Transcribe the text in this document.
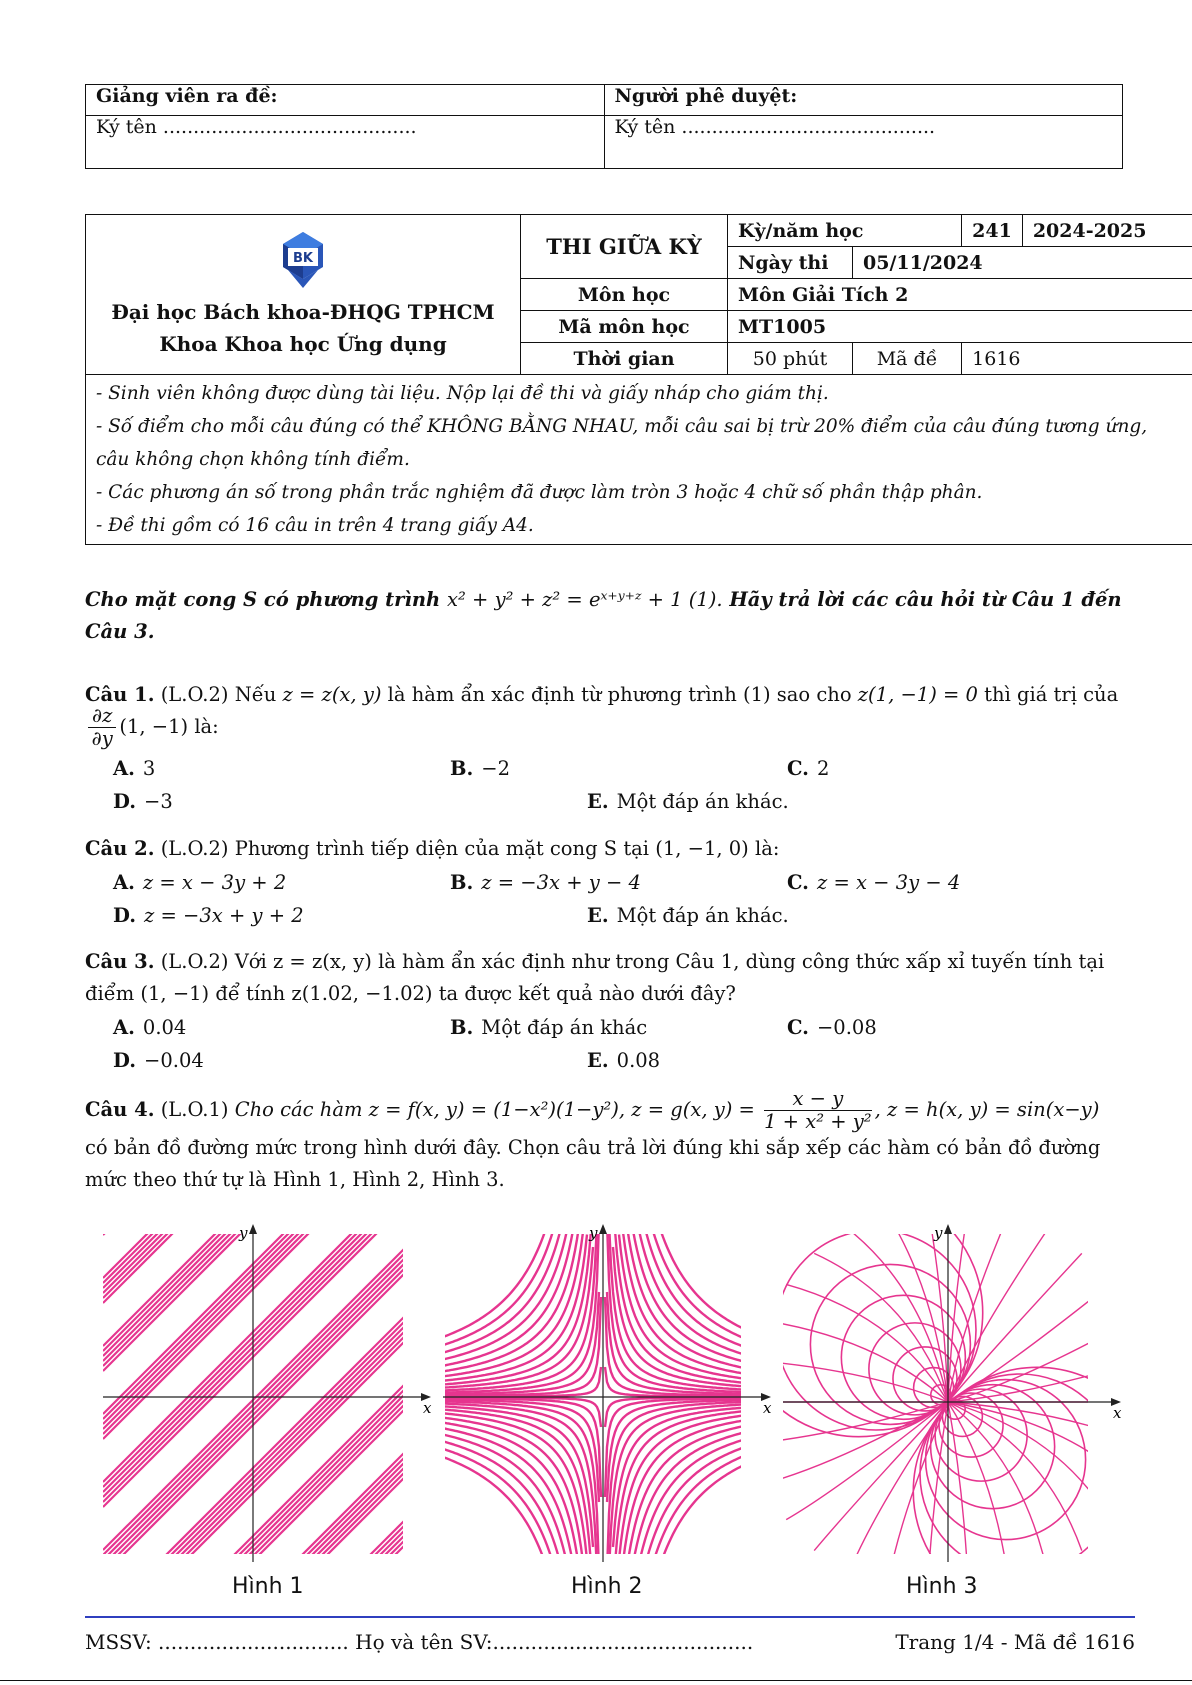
Giảng viên ra đề:	Người phê duyệt:
Ký tên ..........................................	Ký tên ..........................................
BK
Đại học Bách khoa-ĐHQG TPHCM
Khoa Khoa học Ứng dụng	THI GIỮA KỲ	Kỳ/năm học		241	2024-2025
		Ngày thi	05/11/2024		
	Môn học	Môn Giải Tích 2			
	Mã môn học	MT1005			
	Thời gian	50 phút	Mã đề	1616	

- Sinh viên không được dùng tài liệu. Nộp lại đề thi và giấy nháp cho giám thị.
- Số điểm cho mỗi câu đúng có thể KHÔNG BẰNG NHAU, mỗi câu sai bị trừ 20% điểm của câu đúng tương ứng, câu không chọn không tính điểm.
- Các phương án số trong phần trắc nghiệm đã được làm tròn 3 hoặc 4 chữ số phần thập phân.
- Đề thi gồm có 16 câu in trên 4 trang giấy A4.					
Cho mặt cong S có phương trình x² + y² + z² = eˣ⁺ʸ⁺ᶻ + 1 (1). Hãy trả lời các câu hỏi từ Câu 1 đến Câu 3.
Câu 1. (L.O.2) Nếu z = z(x, y) là hàm ẩn xác định từ phương trình (1) sao cho z(1, −1) = 0 thì giá trị của
$\frac{\partial z}{\partial y} (1$, −1) là:
A. 3	B. −2	C. 2
D. −3	E. Một đáp án khác.
Câu 2. (L.O.2) Phương trình tiếp diện của mặt cong S tại (1, −1, 0) là:
A. z = x − 3y + 2	B. z = −3x + y − 4	C. z = x − 3y − 4
D. z = −3x + y + 2	E. Một đáp án khác.
Câu 3. (L.O.2) Với z = z(x, y) là hàm ẩn xác định như trong Câu 1, dùng công thức xấp xỉ tuyến tính tại điểm (1, −1) để tính z(1.02, −1.02) ta được kết quả nào dưới đây?
A. 0.04	B. Một đáp án khác	C. −0.08
D. −0.04	E. 0.08
Câu 4. (L.O.1) Cho các hàm z = f(x, y) = (1−x²)(1−y²), z = g(x, $y) = \frac{x - y}{\text{1 + x² + y²}}$ , z = h(x, y) = sin(x−y)
có bản đồ đường mức trong hình dưới đây. Chọn câu trả lời đúng khi sắp xếp các hàm có bản đồ đường mức theo thứ tự là Hình 1, Hình 2, Hình 3.
x
y
x
y
x
y
Hình 1	Hình 2	Hình 3
MSSV: .............................. Họ và tên SV:.........................................	Trang 1/4 - Mã đề 1616
